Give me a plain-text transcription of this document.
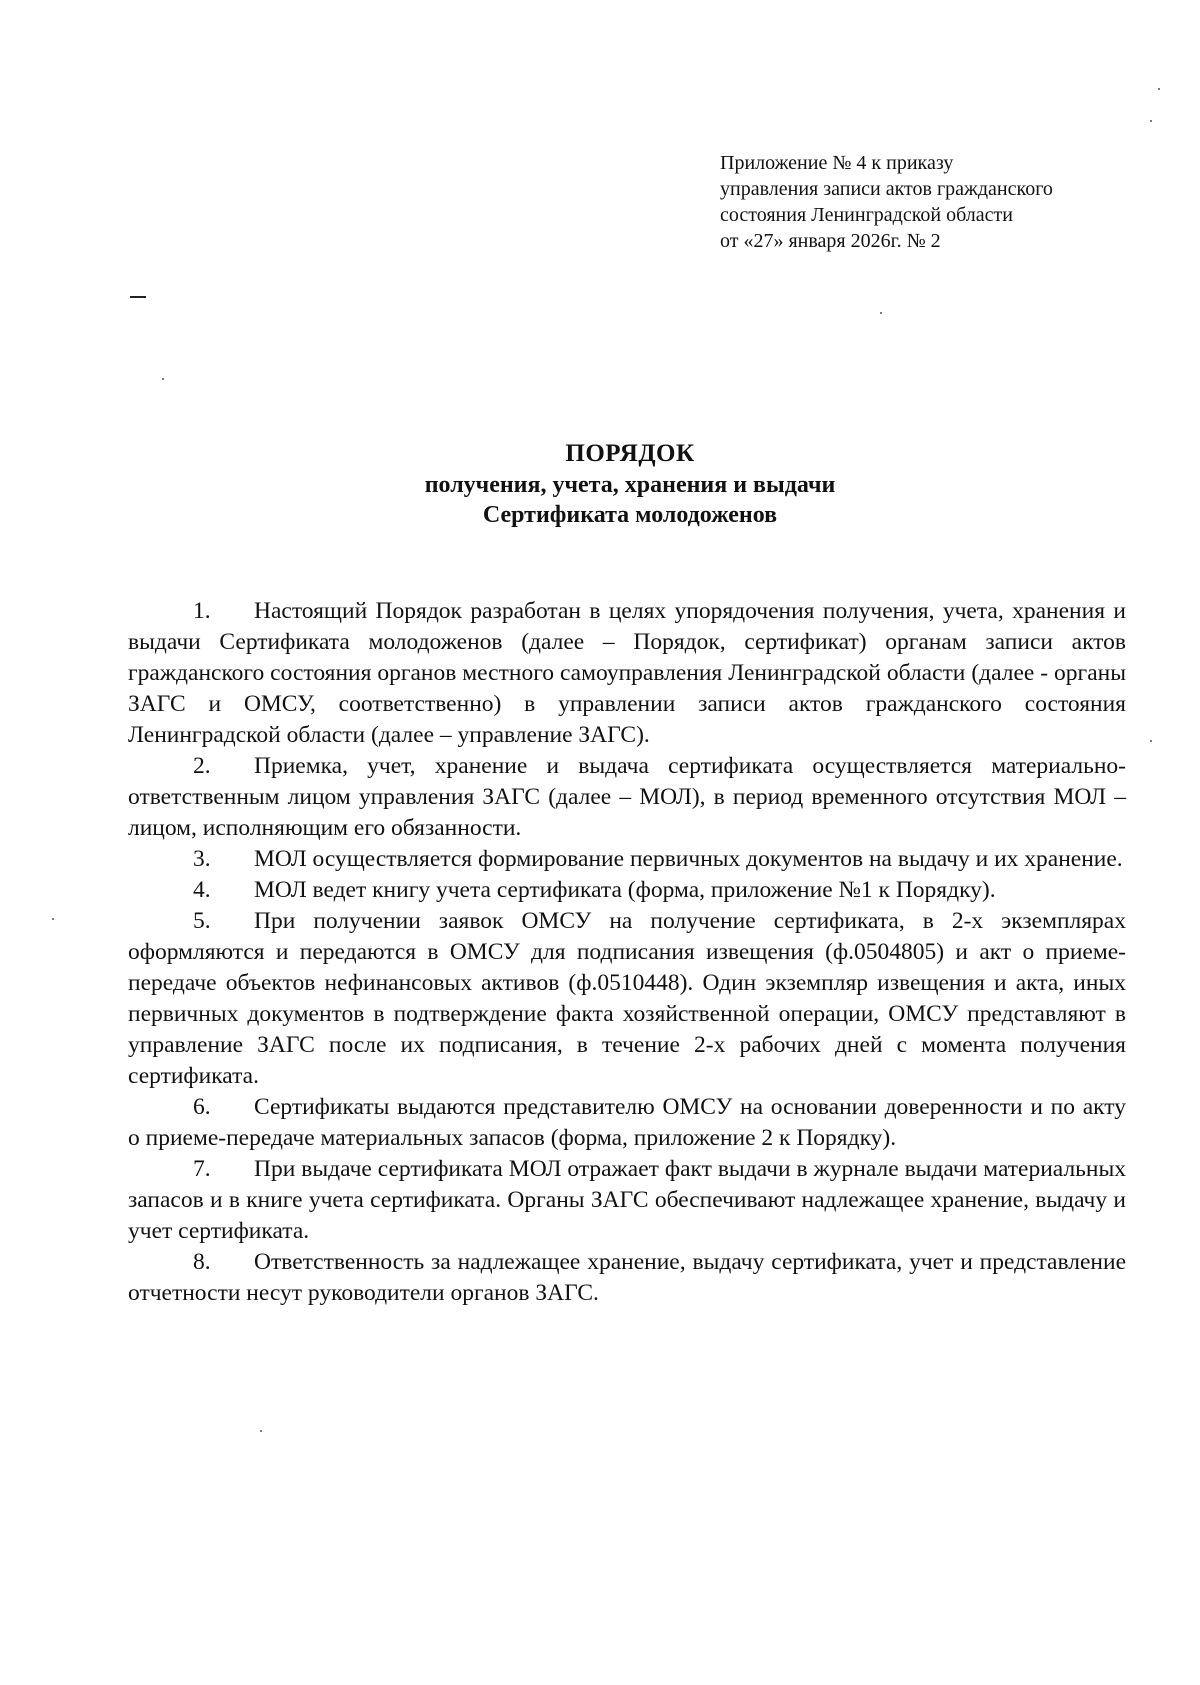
Приложение № 4 к приказу
управления записи актов гражданского
состояния Ленинградской области
от «27» января 2026г. № 2
ПОРЯДОК
получения, учета, хранения и выдачи
Сертификата молодоженов

1. Настоящий Порядок разработан в целях упорядочения получения, учета, хранения и выдачи Сертификата молодоженов (далее – Порядок, сертификат) органам записи актов гражданского состояния органов местного самоуправления Ленинградской области (далее - органы ЗАГС и ОМСУ, соответственно) в управлении записи актов гражданского состояния Ленинградской области (далее – управление ЗАГС).

2. Приемка, учет, хранение и выдача сертификата осуществляется материально-ответственным лицом управления ЗАГС (далее – МОЛ), в период временного отсутствия МОЛ – лицом, исполняющим его обязанности.

3. МОЛ осуществляется формирование первичных документов на выдачу и их хранение.

4. МОЛ ведет книгу учета сертификата (форма, приложение №1 к Порядку).

5. При получении заявок ОМСУ на получение сертификата, в 2-х экземплярах оформляются и передаются в ОМСУ для подписания извещения (ф.0504805) и акт о приеме-передаче объектов нефинансовых активов (ф.0510448). Один экземпляр извещения и акта, иных первичных документов в подтверждение факта хозяйственной операции, ОМСУ представляют в управление ЗАГС после их подписания, в течение 2-х рабочих дней с момента получения сертификата.

6. Сертификаты выдаются представителю ОМСУ на основании доверенности и по акту о приеме-передаче материальных запасов (форма, приложение 2 к Порядку).

7. При выдаче сертификата МОЛ отражает факт выдачи в журнале выдачи материальных запасов и в книге учета сертификата. Органы ЗАГС обеспечивают надлежащее хранение, выдачу и учет сертификата.

8. Ответственность за надлежащее хранение, выдачу сертификата, учет и представление отчетности несут руководители органов ЗАГС.
